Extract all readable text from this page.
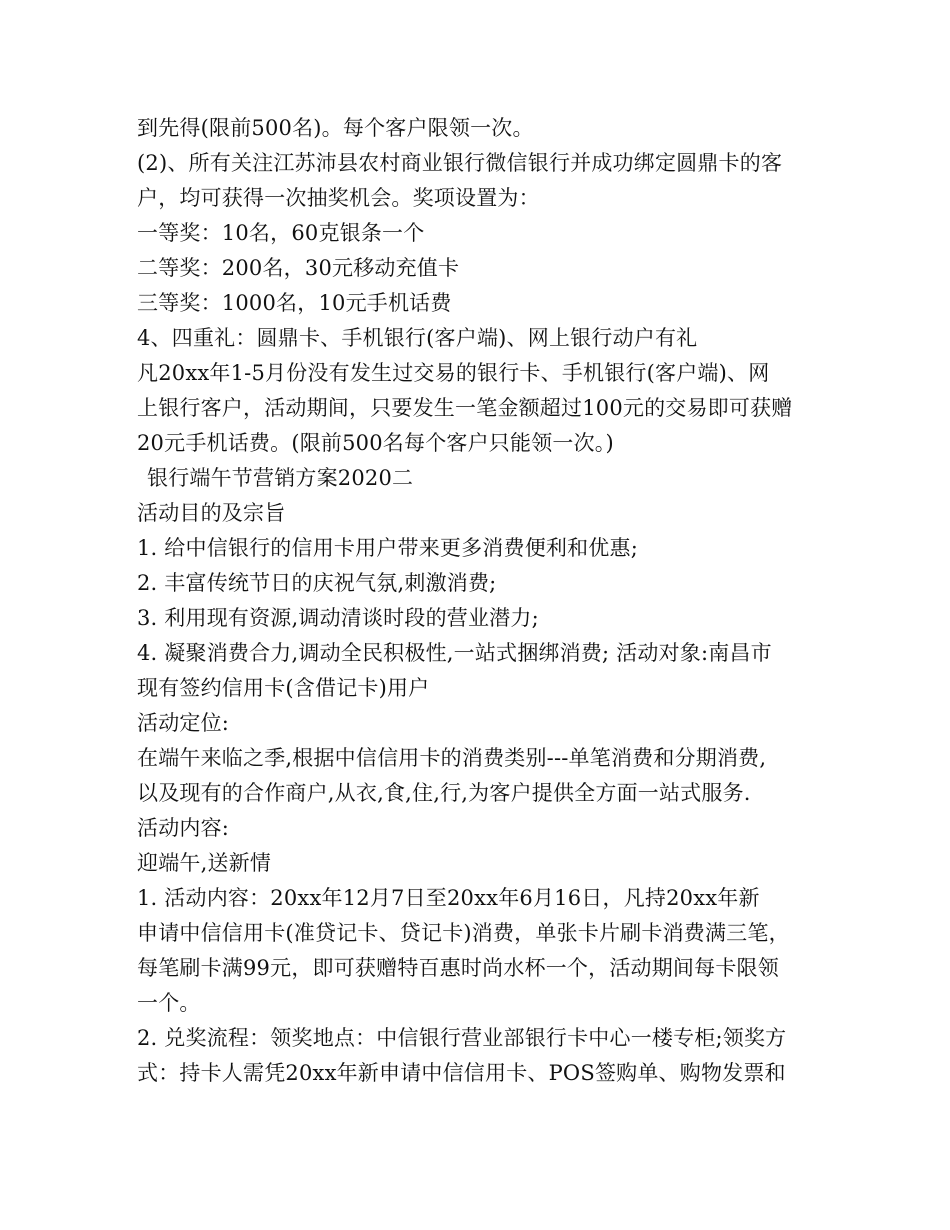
到先得(限前500名)。每个客户限领一次。
(2)、所有关注江苏沛县农村商业银行微信银行并成功绑定圆鼎卡的客
户，均可获得一次抽奖机会。奖项设置为：
一等奖：10名，60克银条一个
二等奖：200名，30元移动充值卡
三等奖：1000名，10元手机话费
4、四重礼：圆鼎卡、手机银行(客户端)、网上银行动户有礼
凡20xx年1-5月份没有发生过交易的银行卡、手机银行(客户端)、网
上银行客户，活动期间，只要发生一笔金额超过100元的交易即可获赠
20元手机话费。(限前500名每个客户只能领一次。)
银行端午节营销方案2020二
活动目的及宗旨
1. 给中信银行的信用卡用户带来更多消费便利和优惠;
2. 丰富传统节日的庆祝气氛,刺激消费;
3. 利用现有资源,调动清谈时段的营业潜力;
4. 凝聚消费合力,调动全民积极性,一站式捆绑消费; 活动对象:南昌市
现有签约信用卡(含借记卡)用户
活动定位:
在端午来临之季,根据中信信用卡的消费类别---单笔消费和分期消费,
以及现有的合作商户,从衣,食,住,行,为客户提供全方面一站式服务.
活动内容:
迎端午,送新情
1. 活动内容：20xx年12月7日至20xx年6月16日，凡持20xx年新
申请中信信用卡(准贷记卡、贷记卡)消费，单张卡片刷卡消费满三笔，
每笔刷卡满99元，即可获赠特百惠时尚水杯一个，活动期间每卡限领
一个。
2. 兑奖流程：领奖地点：中信银行营业部银行卡中心一楼专柜;领奖方
式：持卡人需凭20xx年新申请中信信用卡、POS签购单、购物发票和
